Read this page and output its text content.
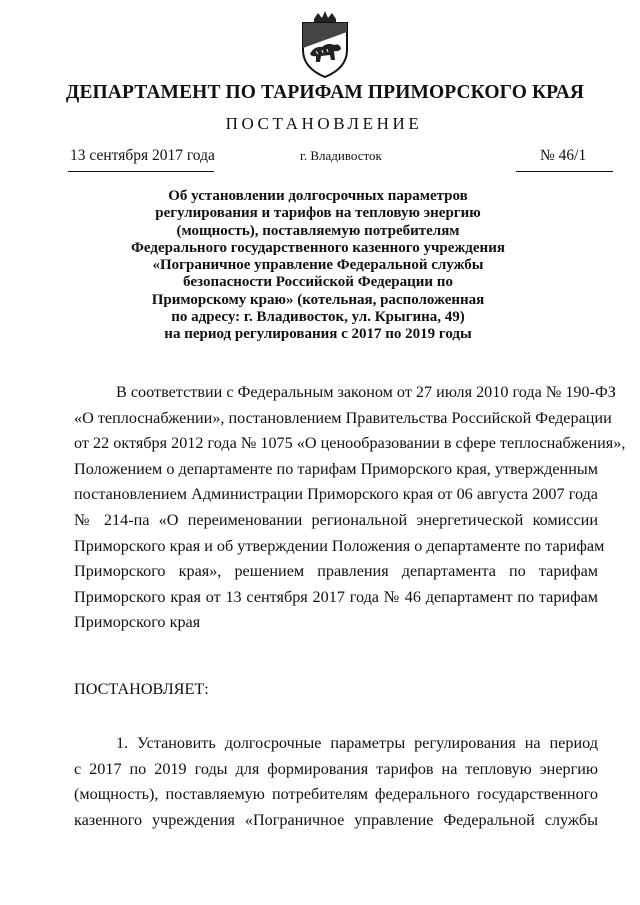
ДЕПАРТАМЕНТ ПО ТАРИФАМ ПРИМОРСКОГО КРАЯ
ПОСТАНОВЛЕНИЕ
13 сентября 2017 года	г. Владивосток	№ 46/1
Об установлении долгосрочных параметров
регулирования и тарифов на тепловую энергию
(мощность), поставляемую потребителям
Федерального государственного казенного учреждения
«Пограничное управление Федеральной службы
безопасности Российской Федерации по
Приморскому краю» (котельная, расположенная
по адресу: г. Владивосток, ул. Крыгина, 49)
на период регулирования с 2017 по 2019 годы
В соответствии с Федеральным законом от 27 июля 2010 года № 190-ФЗ
«О теплоснабжении», постановлением Правительства Российской Федерации
от 22 октября 2012 года № 1075 «О ценообразовании в сфере теплоснабжения»,
Положением о департаменте по тарифам Приморского края, утвержденным
постановлением Администрации Приморского края от 06 августа 2007 года
№ 214-па «О переименовании региональной энергетической комиссии
Приморского края и об утверждении Положения о департаменте по тарифам
Приморского края», решением правления департамента по тарифам
Приморского края от 13 сентября 2017 года № 46 департамент по тарифам
Приморского края
ПОСТАНОВЛЯЕТ:
1. Установить долгосрочные параметры регулирования на период
с 2017 по 2019 годы для формирования тарифов на тепловую энергию
(мощность), поставляемую потребителям федерального государственного
казенного учреждения «Пограничное управление Федеральной службы
